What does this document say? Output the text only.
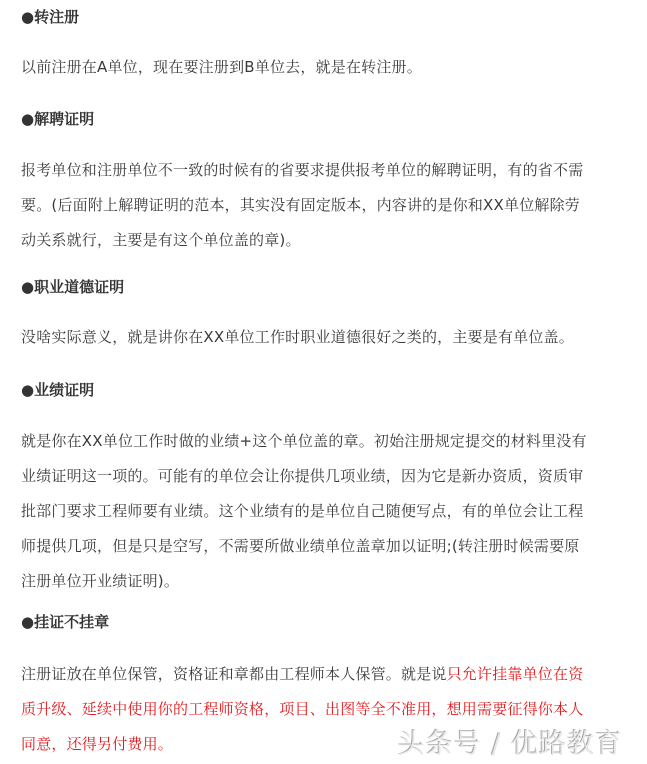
●转注册
以前注册在A单位，现在要注册到B单位去，就是在转注册。
●解聘证明
报考单位和注册单位不一致的时候有的省要求提供报考单位的解聘证明，有的省不需
要。(后面附上解聘证明的范本，其实没有固定版本，内容讲的是你和XX单位解除劳
动关系就行，主要是有这个单位盖的章)。
●职业道德证明
没啥实际意义，就是讲你在XX单位工作时职业道德很好之类的，主要是有单位盖。
●业绩证明
就是你在XX单位工作时做的业绩+这个单位盖的章。初始注册规定提交的材料里没有
业绩证明这一项的。可能有的单位会让你提供几项业绩，因为它是新办资质，资质审
批部门要求工程师要有业绩。这个业绩有的是单位自己随便写点，有的单位会让工程
师提供几项，但是只是空写，不需要所做业绩单位盖章加以证明;(转注册时候需要原
注册单位开业绩证明)。
●挂证不挂章
注册证放在单位保管，资格证和章都由工程师本人保管。就是说只允许挂靠单位在资
质升级、延续中使用你的工程师资格，项目、出图等全不准用，想用需要征得你本人
同意，还得另付费用。	头条号 / 优路教育
